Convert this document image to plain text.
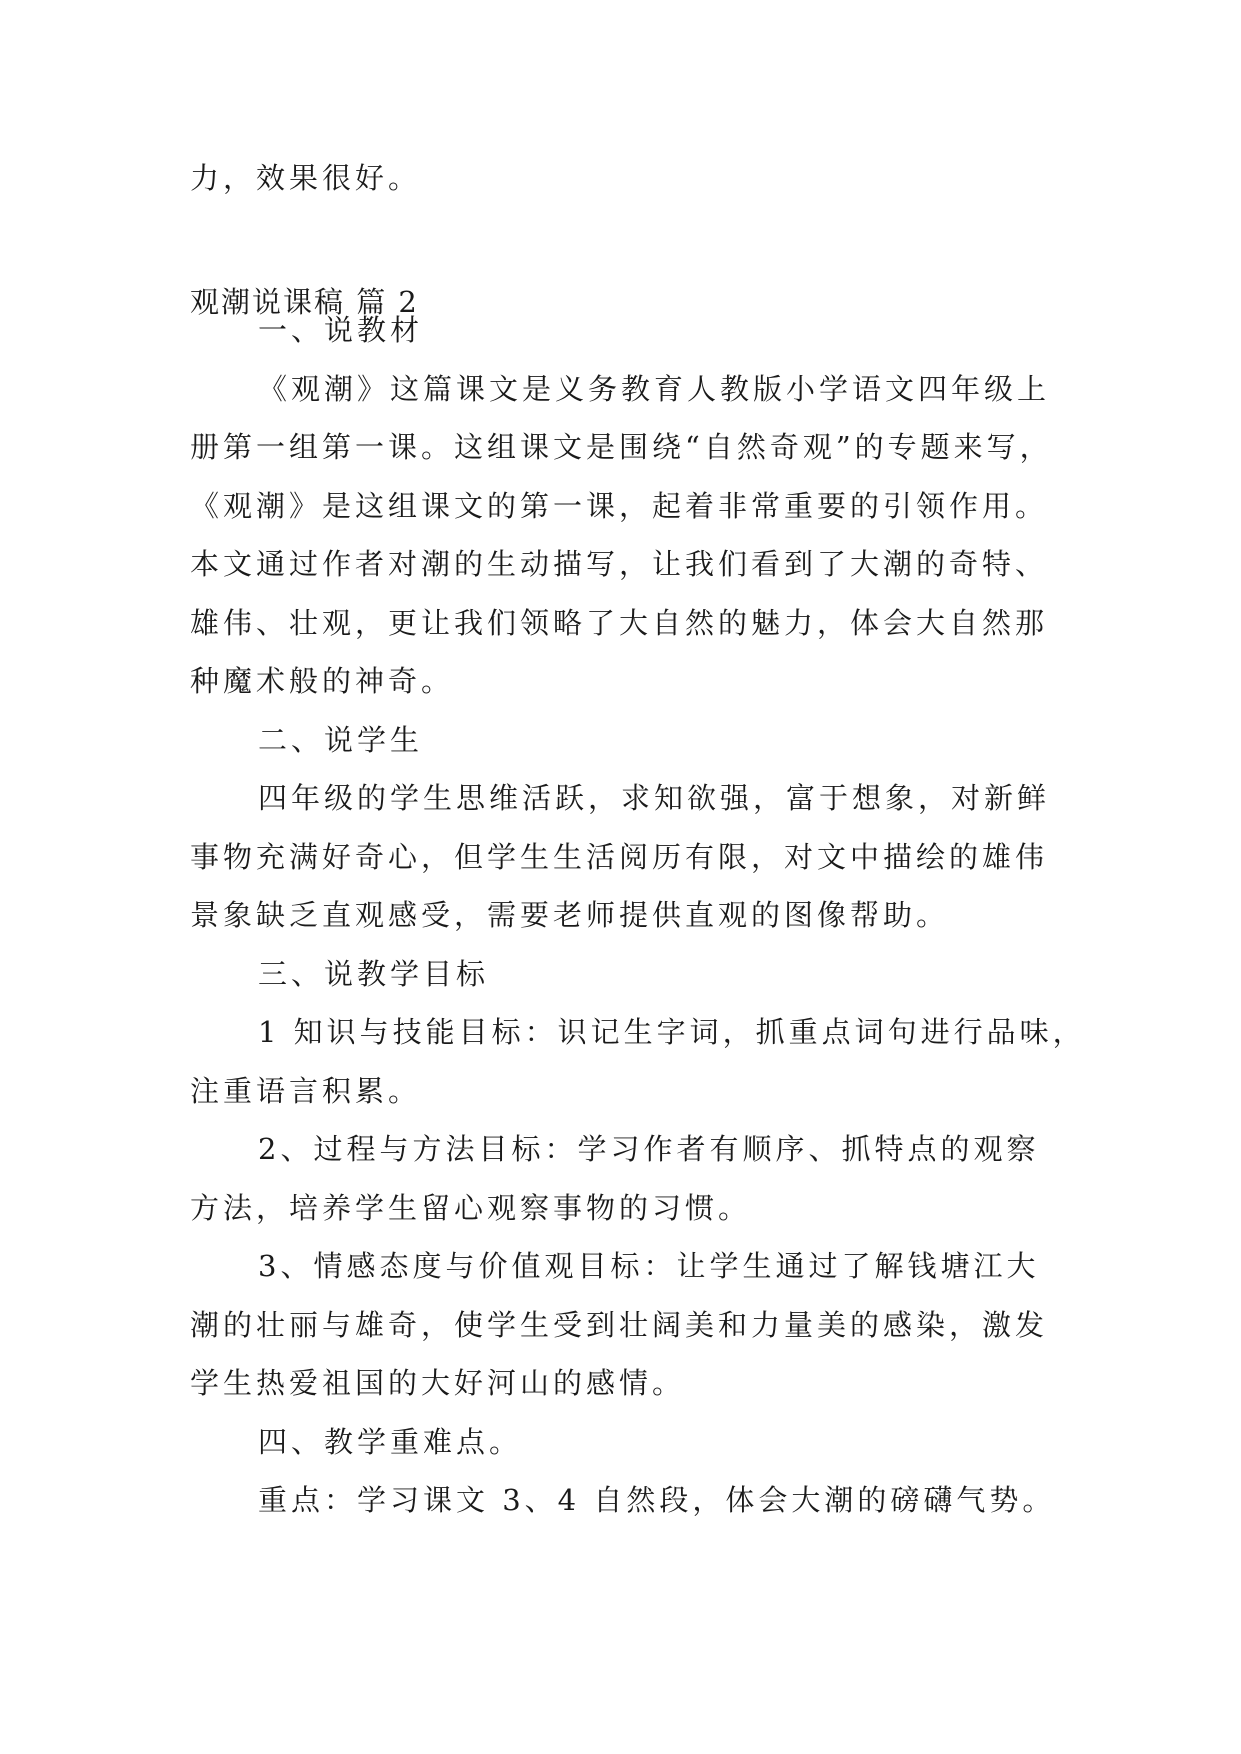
力，效果很好。
观潮说课稿 篇 2
一、说教材
《观潮》这篇课文是义务教育人教版小学语文四年级上
册第一组第一课。这组课文是围绕“自然奇观”的专题来写，
《观潮》是这组课文的第一课，起着非常重要的引领作用。
本文通过作者对潮的生动描写，让我们看到了大潮的奇特、
雄伟、壮观，更让我们领略了大自然的魅力，体会大自然那
种魔术般的神奇。
二、说学生
四年级的学生思维活跃，求知欲强，富于想象，对新鲜
事物充满好奇心，但学生生活阅历有限，对文中描绘的雄伟
景象缺乏直观感受，需要老师提供直观的图像帮助。
三、说教学目标
1 知识与技能目标：识记生字词，抓重点词句进行品味，
注重语言积累。
2、过程与方法目标：学习作者有顺序、抓特点的观察
方法，培养学生留心观察事物的习惯。
3、情感态度与价值观目标：让学生通过了解钱塘江大
潮的壮丽与雄奇，使学生受到壮阔美和力量美的感染，激发
学生热爱祖国的大好河山的感情。
四、教学重难点。
重点：学习课文 3、4 自然段，体会大潮的磅礴气势。
